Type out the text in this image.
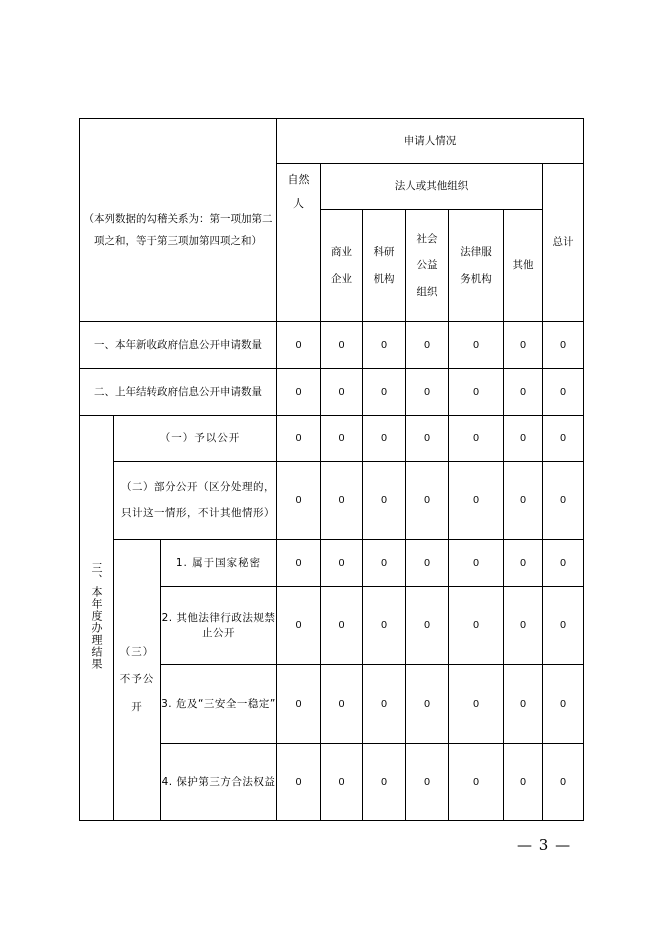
（本列数据的勾稽关系为：第一项加第二项之和，等于第三项加第四项之和）			申请人情况						
			自然人	法人或其他组织					总计
				商业企业	科研机构	社会公益组织	法律服务机构	其他	
一、本年新收政府信息公开申请数量			0	0	0	0	0	0	0
二、上年结转政府信息公开申请数量			0	0	0	0	0	0	0
三、本年度办理结果	（一）予以公开		0	0	0	0	0	0	0
	（二）部分公开（区分处理的，只计这一情形，不计其他情形）		0	0	0	0	0	0	0
	（三）不予公开	1. 属于国家秘密	0	0	0	0	0	0	0
		2. 其他法律行政法规禁止公开	0	0	0	0	0	0	0
		3. 危及“三安全一稳定”	0	0	0	0	0	0	0
		4. 保护第三方合法权益	0	0	0	0	0	0	0
— 3 —
